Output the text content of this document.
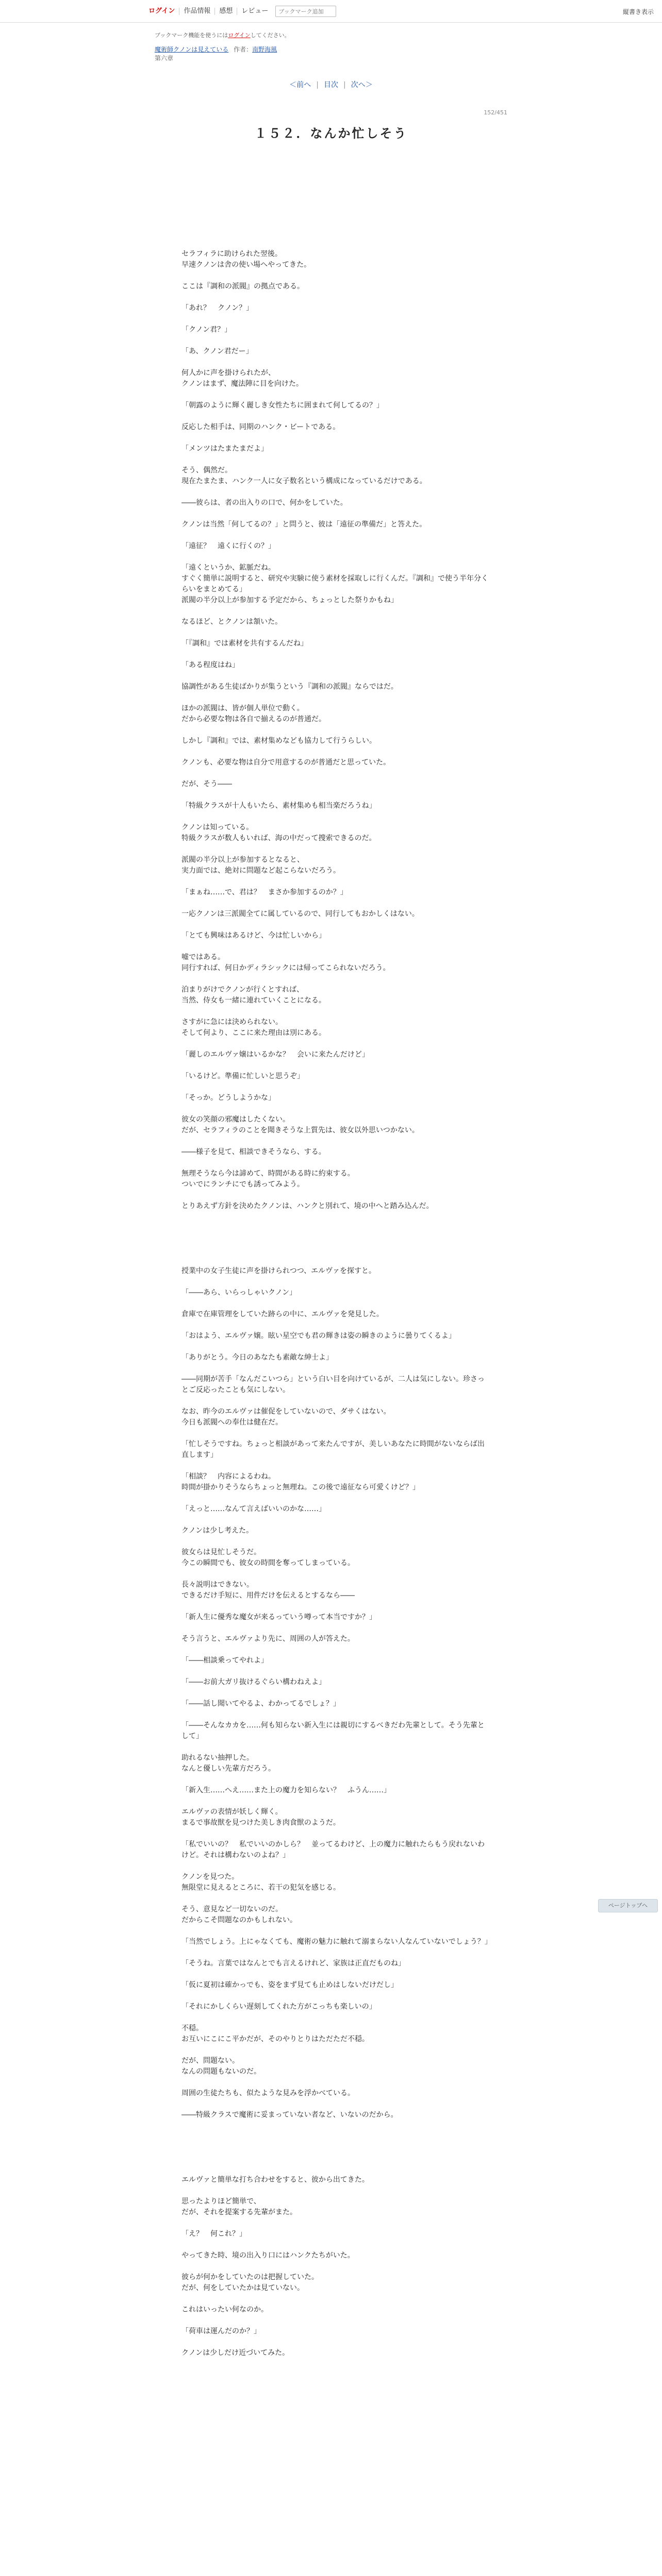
ログイン	作品情報	感想	レビュー
ブックマーク追加	縦書き表示

ブックマーク機能を使うにはログインしてください。

魔術師クノンは見えている 作者：南野海風
第六章
＜前へ | 目次 | 次へ＞
152/451
１５２．なんか忙しそう

セラフィラに助けられた翌後。

早速クノンは舎の使い場へやってきた。

ここは『調和の派閥』の拠点である。

「あれ？　クノン？」

「クノン君？」

「あ、クノン君だー」

何人かに声を掛けられたが、

クノンはまず、魔法陣に目を向けた。

「朝露のように輝く麗しき女性たちに囲まれて何してるの？」

反応した相手は、同期のハンク・ビートである。

「メンツはたまたまだよ」

そう、偶然だ。

現在たまたま、ハンク一人に女子数名という構成になっているだけである。

――彼らは、者の出入りの口で、何かをしていた。

クノンは当然「何してるの？」と問うと、彼は「遠征の準備だ」と答えた。

「遠征？　遠くに行くの？」

「遠くというか、鉱脈だね。

すぐく簡単に説明すると、研究や実験に使う素材を採取しに行くんだ。『調和』で使う半年分くらいをまとめてる」

派閥の半分以上が参加する予定だから、ちょっとした祭りかもね」

なるほど、とクノンは頷いた。

「『調和』では素材を共有するんだね」

「ある程度はね」

協調性がある生徒ばかりが集うという『調和の派閥』ならではだ。

ほかの派閥は、皆が個人単位で動く。

だから必要な物は各自で揃えるのが普通だ。

しかし『調和』では、素材集めなども協力して行うらしい。

クノンも、必要な物は自分で用意するのが普通だと思っていた。

だが、そう――

「特級クラスが十人もいたら、素材集めも相当楽だろうね」

クノンは知っている。

特級クラスが数人もいれば、海の中だって捜索できるのだ。

派閥の半分以上が参加するとなると、

実力面では、絶対に問題など起こらないだろう。

「まぁね……で、君は？　まさか参加するのか？」

一応クノンは三派閥全てに属しているので、同行してもおかしくはない。

「とても興味はあるけど、今は忙しいから」

嘘ではある。

同行すれば、何日かディラシックには帰ってこられないだろう。

泊まりがけでクノンが行くとすれば、

当然、侍女も一緒に連れていくことになる。

さすがに急には決められない。

そして何より、ここに来た理由は別にある。

「麗しのエルヴァ嬢はいるかな？　会いに来たんだけど」

「いるけど。準備に忙しいと思うぞ」

「そっか。どうしようかな」

彼女の笑顔の邪魔はしたくない。

だが、セラフィラのことを聞きそうな上質先は、彼女以外思いつかない。

――様子を見て、相談できそうなら、する。

無理そうなら今は諦めて、時間がある時に約束する。

ついでにランチにでも誘ってみよう。

とりあえず方針を決めたクノンは、ハンクと別れて、境の中へと踏み込んだ。

授業中の女子生徒に声を掛けられつつ、エルヴァを探すと。

「――あら、いらっしゃいクノン」

倉庫で在庫管理をしていた跡らの中に、エルヴァを発見した。

「おはよう、エルヴァ嬢。眩い星空でも君の輝きは姿の瞬きのように曇りてくるよ」

「ありがとう。今日のあなたも素敵な紳士よ」

――同期が苦手「なんだこいつら」という白い目を向けているが、二人は気にしない。珍さっとご反応ったことも気にしない。

なお、昨今のエルヴァは催促をしていないので、ダサくはない。

今日も派閥への奉仕は健在だ。

「忙しそうですね。ちょっと相談があって来たんですが、美しいあなたに時間がないならば出直します」

「相談？　内容によるわね。

時間が掛かりそうならちょっと無理ね。この後で遠征なら可愛くけど？」

「えっと……なんて言えばいいのかな……」

クノンは少し考えた。

彼女らは見忙しそうだ。

今この瞬間でも、彼女の時間を奪ってしまっている。

長々説明はできない。

できるだけ手短に、用件だけを伝えるとするなら――

「新人生に優秀な魔女が来るっていう噂って本当ですか？」

そう言うと、エルヴァより先に、周囲の人が答えた。

「――相談乗ってやれよ」

「――お前大ガリ抜けるぐらい構わねえよ」

「――話し聞いてやるよ、わかってるでしょ？」

「――そんなカカを……何も知らない新入生には親切にするべきだわ先輩として。そう先輩として」

助れるない抽押した。

なんと優しい先輩方だろう。

「新入生……へえ……また上の魔力を知らない？　ふうん……」

エルヴァの表情が妖しく輝く。

まるで事故獣を見つけた美しき肉食獣のようだ。

「私でいいの？　私でいいのかしら？　並ってるわけど、上の魔力に触れたらもう戻れないわけど。それは構わないのよね？」

クノンを見つた。

無限堂に見えるところに、若干の犯気を感じる。

そう、意見など一切ないのだ。

だからこそ問題なのかもしれない。

「当然でしょう。上にゃなくても、魔術の魅力に触れて溺まらない人なんていないでしょう？」

「そうね。言葉ではなんとでも言えるけれど、家族は正直だものね」

「仮に夏初は確かっでも、姿をまず見ても止めはしないだけだし」

「それにかしくらい遅刻してくれた方がこっちも楽しいの」

不穏。

お互いにこにこ平かだが、そのやりとりはただただ不穏。

だが、問題ない。

なんの問題もないのだ。

周囲の生徒たちも、似たような見みを浮かべている。

――特級クラスで魔術に妥まっていない者など、いないのだから。

エルヴァと簡単な打ち合わせをすると、彼から出てきた。

思ったよりほど簡単で、

だが、それを提案する先輩がまた。

「え？　何これ？」

やってきた時、境の出入り口にはハンクたちがいた。

彼らが何かをしていたのは把握していた。

だが、何をしていたかは見ていない。

これはいったい何なのか。

「荷車は運んだのか？」

クノンは少しだけ近づいてみた。

ページトップへ
